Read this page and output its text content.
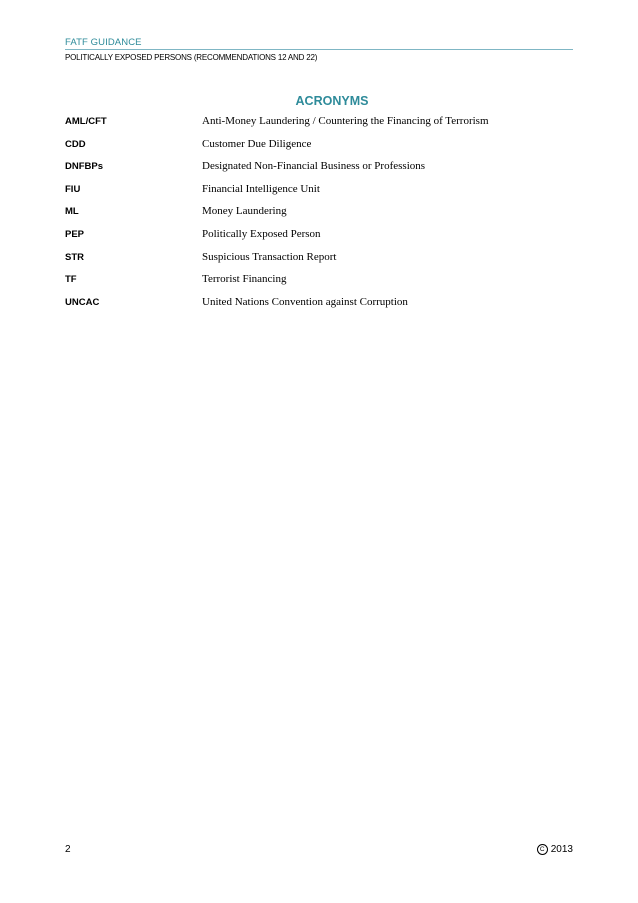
FATF GUIDANCE
POLITICALLY EXPOSED PERSONS (RECOMMENDATIONS 12 AND 22)
ACRONYMS
AML/CFT	Anti-Money Laundering / Countering the Financing of Terrorism
CDD	Customer Due Diligence
DNFBPs	Designated Non-Financial Business or Professions
FIU	Financial Intelligence Unit
ML	Money Laundering
PEP	Politically Exposed Person
STR	Suspicious Transaction Report
TF	Terrorist Financing
UNCAC	United Nations Convention against Corruption
2	C 2013
